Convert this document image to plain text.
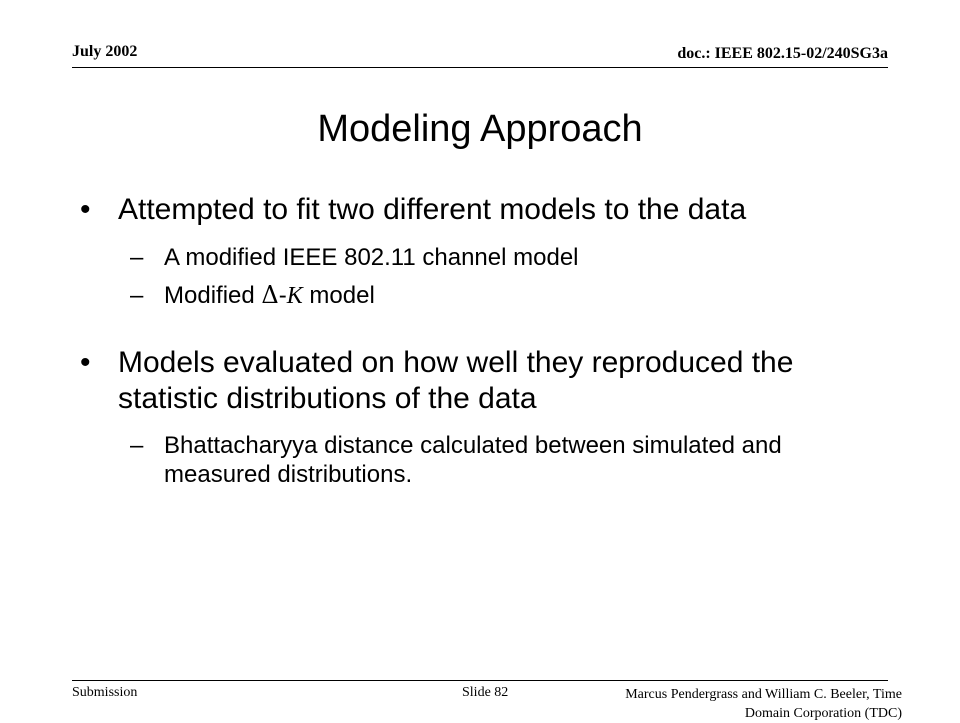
July 2002	doc.: IEEE 802.15-02/240SG3a
Modeling Approach
• Attempted to fit two different models to the data
– A modified IEEE 802.11 channel model
– Modified Δ-K model
• Models evaluated on how well they reproduced the statistic distributions of the data
– Bhattacharyya distance calculated between simulated and measured distributions.
Submission	Slide 82	Marcus Pendergrass and William C. Beeler, Time Domain Corporation (TDC)
